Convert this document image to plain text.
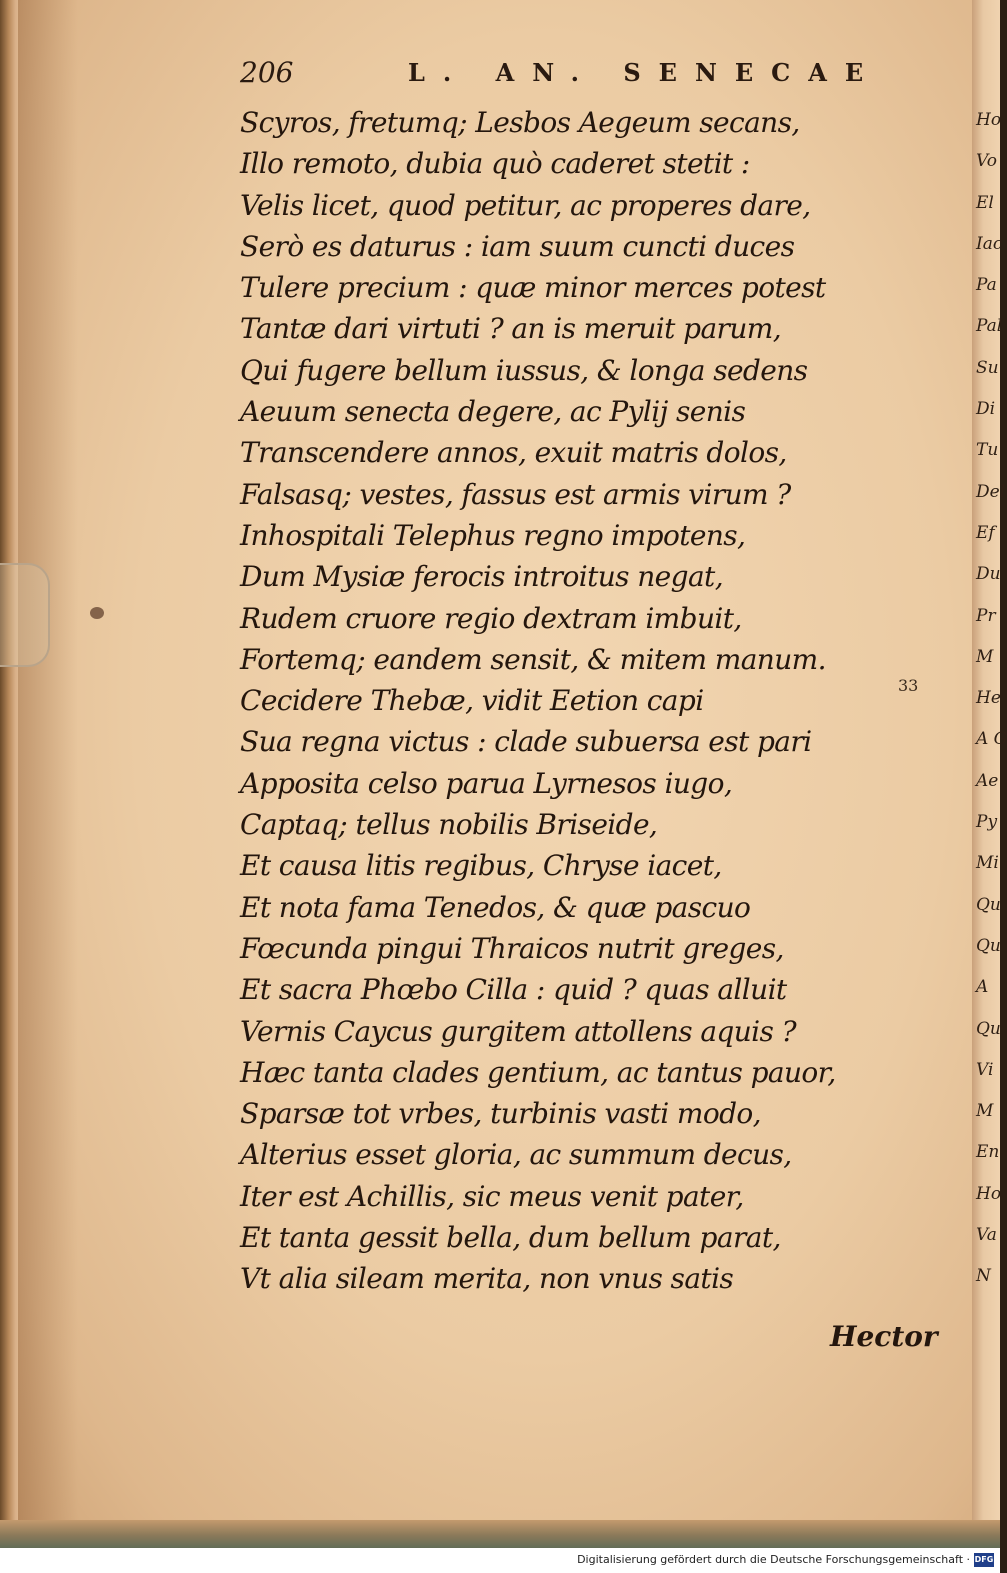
Ho
Vo
El
Iac
Pa
Pal
Su
Di
Tu
Del
Ef
Du
Pr
M
He
A G
Ae
Py
Mi
Qu
Qu
A
Qu
Vi
M
En
Ho
Va
N
206	L. AN. SENECAE
Scyros, fretumq; Lesbos Aegeum secans,
Illo remoto, dubia quò caderet stetit :
Velis licet, quod petitur, ac properes dare,
Serò es daturus : iam suum cuncti duces
Tulere precium : quæ minor merces potest
Tantæ dari virtuti ? an is meruit parum,
Qui fugere bellum iussus, & longa sedens
Aeuum senecta degere, ac Pylij senis
Transcendere annos, exuit matris dolos,
Falsasq; vestes, fassus est armis virum ?
Inhospitali Telephus regno impotens,
Dum Mysiæ ferocis introitus negat,
Rudem cruore regio dextram imbuit,
Fortemq; eandem sensit, & mitem manum.
Cecidere Thebæ, vidit Eetion capi
Sua regna victus : clade subuersa est pari
Apposita celso parua Lyrnesos iugo,
Captaq; tellus nobilis Briseide,
Et causa litis regibus, Chryse iacet,
Et nota fama Tenedos, & quæ pascuo
Fœcunda pingui Thraicos nutrit greges,
Et sacra Phœbo Cilla : quid ? quas alluit
Vernis Caycus gurgitem attollens aquis ?
Hæc tanta clades gentium, ac tantus pauor,
Sparsæ tot vrbes, turbinis vasti modo,
Alterius esset gloria, ac summum decus,
Iter est Achillis, sic meus venit pater,
Et tanta gessit bella, dum bellum parat,
Vt alia sileam merita, non vnus satis
33
Hector
Digitalisierung gefördert durch die Deutsche Forschungsgemeinschaft · DFG
